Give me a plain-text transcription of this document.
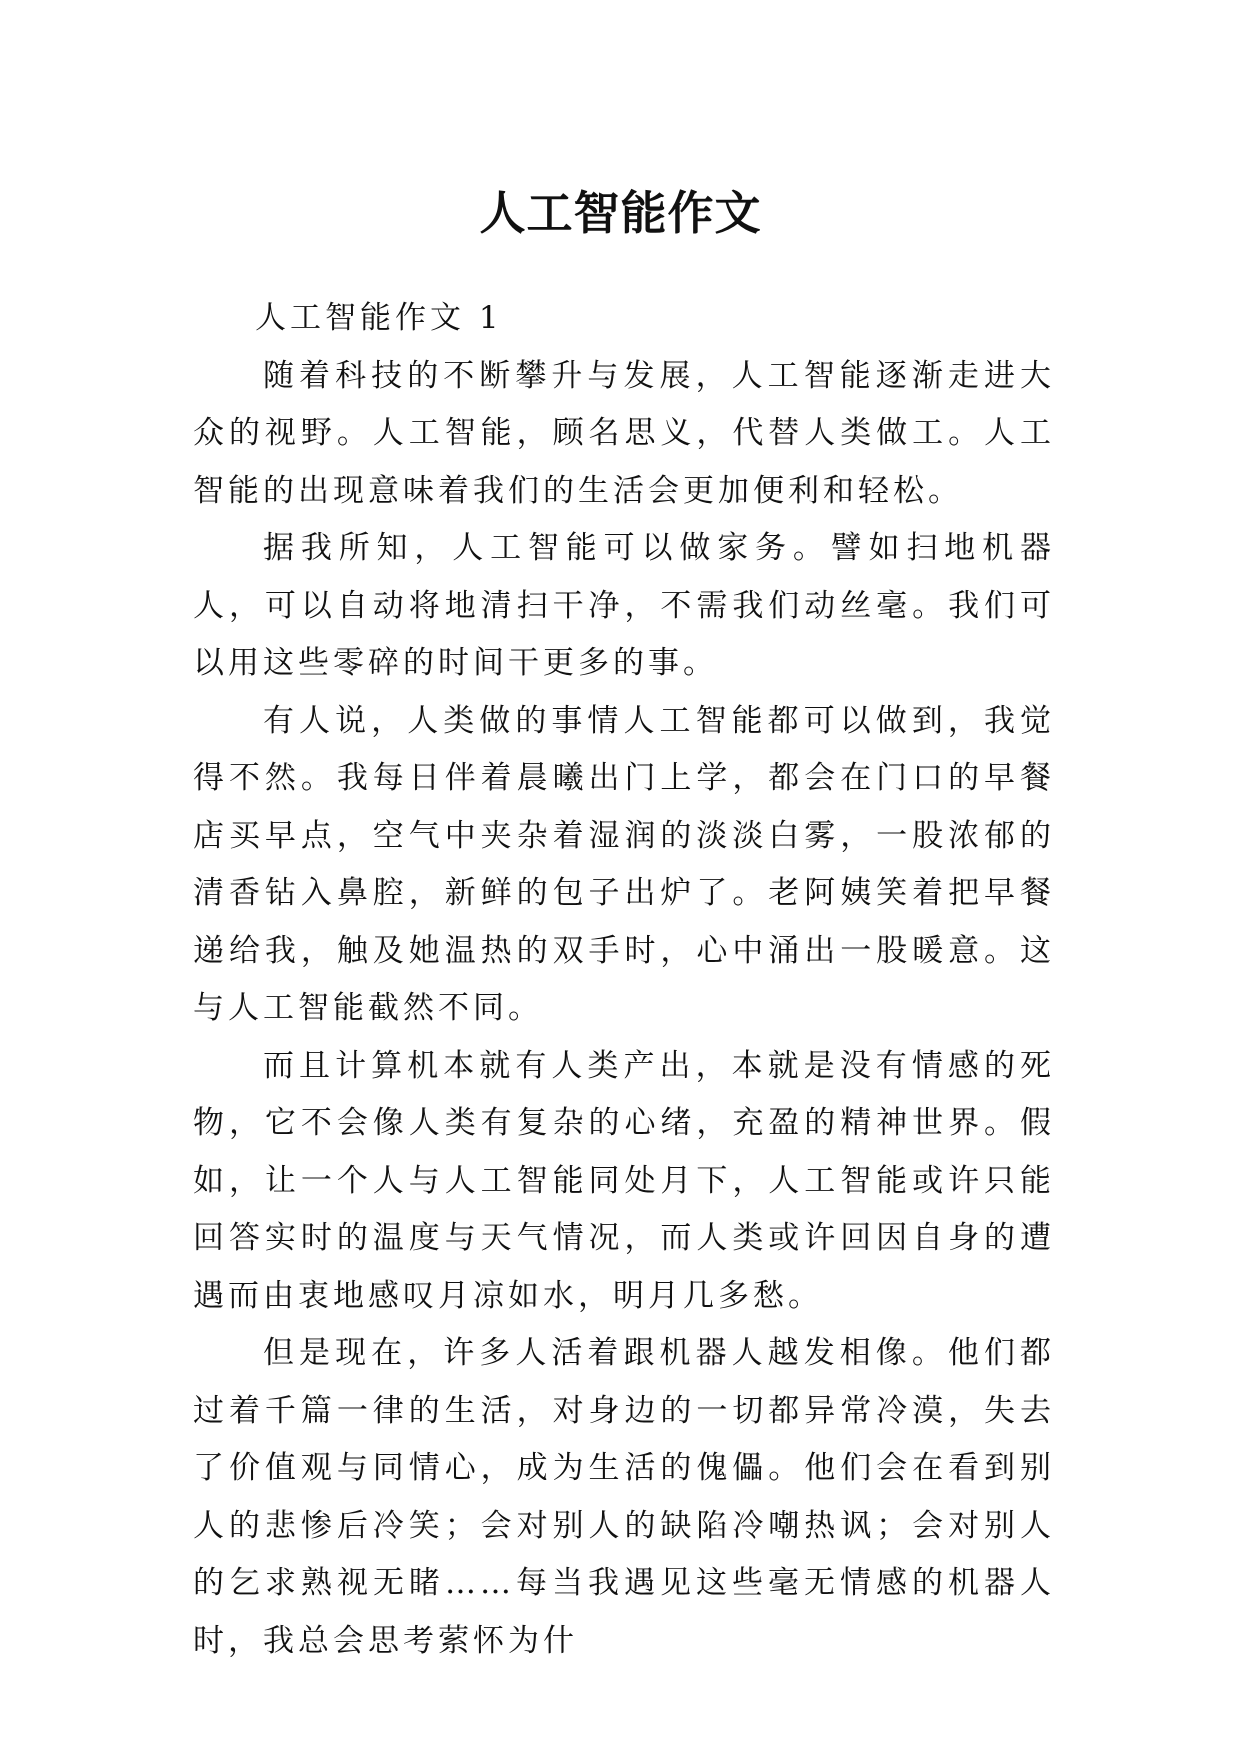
人工智能作文

人工智能作文 1

随着科技的不断攀升与发展，人工智能逐渐走进大众的视野。人工智能，顾名思义，代替人类做工。人工智能的出现意味着我们的生活会更加便利和轻松。

据我所知，人工智能可以做家务。譬如扫地机器人，可以自动将地清扫干净，不需我们动丝毫。我们可以用这些零碎的时间干更多的事。

有人说，人类做的事情人工智能都可以做到，我觉得不然。我每日伴着晨曦出门上学，都会在门口的早餐店买早点，空气中夹杂着湿润的淡淡白雾，一股浓郁的清香钻入鼻腔，新鲜的包子出炉了。老阿姨笑着把早餐递给我，触及她温热的双手时，心中涌出一股暖意。这与人工智能截然不同。

而且计算机本就有人类产出，本就是没有情感的死物，它不会像人类有复杂的心绪，充盈的精神世界。假如，让一个人与人工智能同处月下，人工智能或许只能回答实时的温度与天气情况，而人类或许回因自身的遭遇而由衷地感叹月凉如水，明月几多愁。

但是现在，许多人活着跟机器人越发相像。他们都过着千篇一律的生活，对身边的一切都异常冷漠，失去了价值观与同情心，成为生活的傀儡。他们会在看到别人的悲惨后冷笑；会对别人的缺陷冷嘲热讽；会对别人的乞求熟视无睹……每当我遇见这些毫无情感的机器人时，我总会思考萦怀为什
